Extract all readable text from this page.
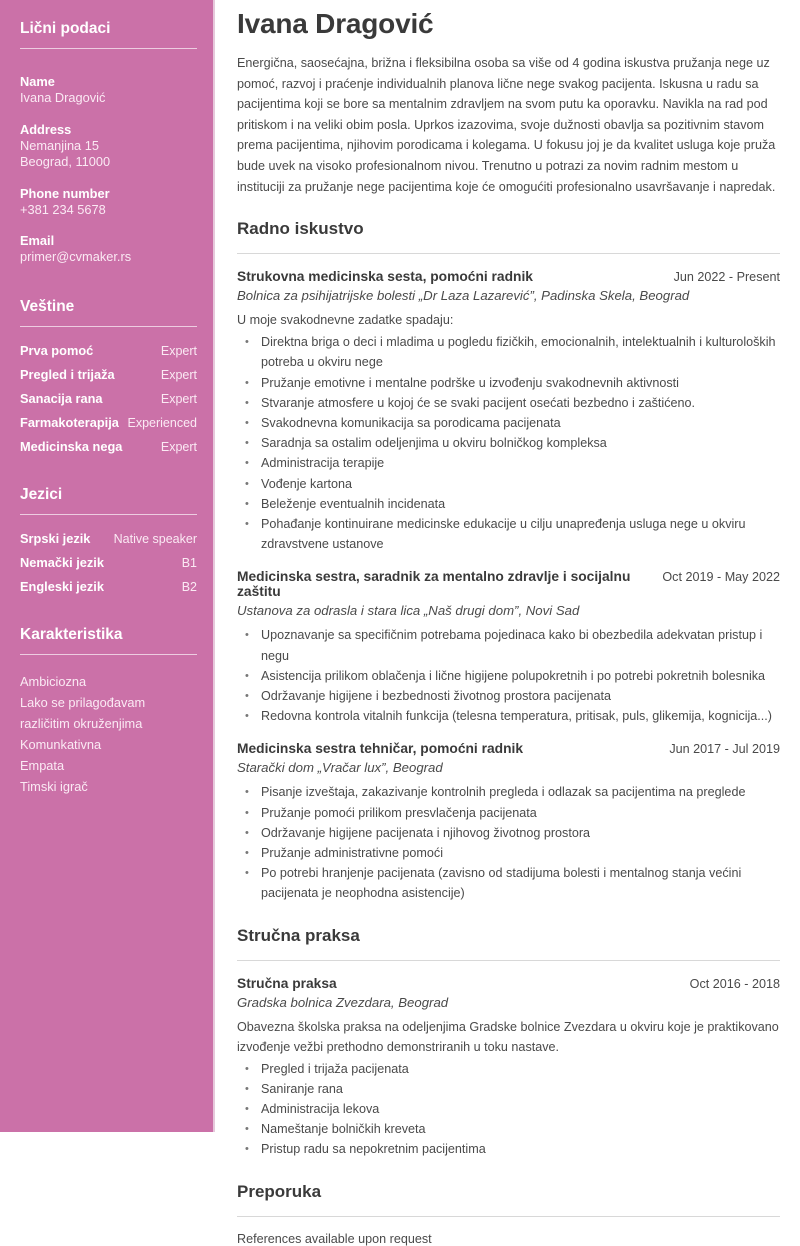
Lični podaci
Name
Ivana Dragović
Address
Nemanjina 15
Beograd, 11000
Phone number
+381 234 5678
Email
primer@cvmaker.rs
Veštine
Prva pomoć	Expert
Pregled i trijaža	Expert
Sanacija rana	Expert
Farmakoterapija Experienced
Medicinska nega	Expert
Jezici
Srpski jezik Native speaker
Nemački jezik	B1
Engleski jezik	B2
Karakteristika
Ambiciozna
Lako se prilagođavam različitim okruženjima
Komunkativna
Empata
Timski igrač
Ivana Dragović

Energična, saosećajna, brižna i fleksibilna osoba sa više od 4 godina iskustva pružanja nege uz pomoć, razvoj i praćenje individualnih planova lične nege svakog pacijenta. Iskusna u radu sa pacijentima koji se bore sa mentalnim zdravljem na svom putu ka oporavku. Navikla na rad pod pritiskom i na veliki obim posla. Uprkos izazovima, svoje dužnosti obavlja sa pozitivnim stavom prema pacijentima, njihovim porodicama i kolegama. U fokusu joj je da kvalitet usluga koje pruža bude uvek na visoko profesionalnom nivou. Trenutno u potrazi za novim radnim mestom u instituciji za pružanje nege pacijentima koje će omogućiti profesionalno usavršavanje i napredak.

Radno iskustvo
Strukovna medicinska sesta, pomoćni radnik	Jun 2022 - Present
Bolnica za psihijatrijske bolesti „Dr Laza Lazarević”, Padinska Skela, Beograd

U moje svakodnevne zadatke spadaju:

• Direktna briga o deci i mladima u pogledu fizičkih, emocionalnih, intelektualnih i kulturoloških potreba u okviru nege
• Pružanje emotivne i mentalne podrške u izvođenju svakodnevnih aktivnosti
• Stvaranje atmosfere u kojoj će se svaki pacijent osećati bezbedno i zaštićeno.
• Svakodnevna komunikacija sa porodicama pacijenata
• Saradnja sa ostalim odeljenjima u okviru bolničkog kompleksa
• Administracija terapije
• Vođenje kartona
• Beleženje eventualnih incidenata
• Pohađanje kontinuirane medicinske edukacije u cilju unapređenja usluga nege u okviru zdravstvene ustanove
Medicinska sestra, saradnik za mentalno zdravlje i socijalnu zaštitu
Oct 2019 - May 2022
Ustanova za odrasla i stara lica „Naš drugi dom”, Novi Sad
• Upoznavanje sa specifičnim potrebama pojedinaca kako bi obezbedila adekvatan pristup i negu
• Asistencija prilikom oblačenja i lične higijene polupokretnih i po potrebi pokretnih bolesnika
• Održavanje higijene i bezbednosti životnog prostora pacijenata
• Redovna kontrola vitalnih funkcija (telesna temperatura, pritisak, puls, glikemija, kognicija...)
Medicinska sestra tehničar, pomoćni radnik	Jun 2017 - Jul 2019
Starački dom „Vračar lux”, Beograd
• Pisanje izveštaja, zakazivanje kontrolnih pregleda i odlazak sa pacijentima na preglede
• Pružanje pomoći prilikom presvlačenja pacijenata
• Održavanje higijene pacijenata i njihovog životnog prostora
• Pružanje administrativne pomoći
• Po potrebi hranjenje pacijenata (zavisno od stadijuma bolesti i mentalnog stanja većini pacijenata je neophodna asistencije)
Stručna praksa
Stručna praksa	Oct 2016 - 2018
Gradska bolnica Zvezdara, Beograd

Obavezna školska praksa na odeljenjima Gradske bolnice Zvezdara u okviru koje je praktikovano izvođenje vežbi prethodno demonstriranih u toku nastave.

• Pregled i trijaža pacijenata
• Saniranje rana
• Administracija lekova
• Nameštanje bolničkih kreveta
• Pristup radu sa nepokretnim pacijentima
Preporuka

References available upon request
